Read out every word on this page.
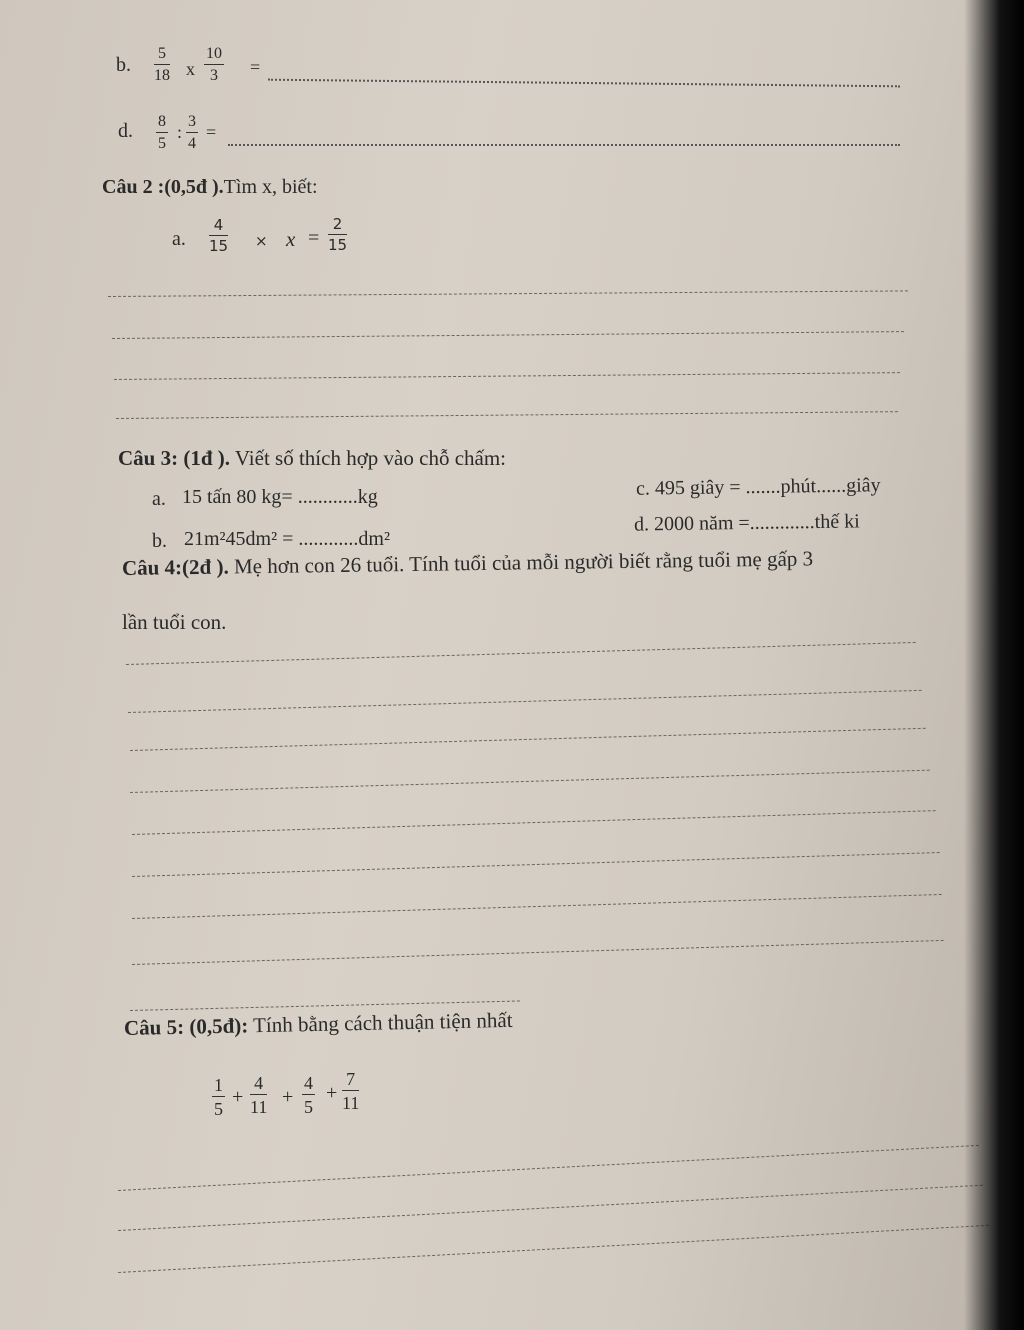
b. $\frac{5}{18}$ x $\frac{10}{3}$ =
d. $\frac{8}{5}$ : $\frac{3}{4}$ =
Câu 2 :(0,5đ ).Tìm x, biết:
a. $\frac{4}{15} \times x = \frac{2}{15}$
Câu 3: (1đ ). Viết số thích hợp vào chỗ chấm:
a. 15 tấn 80 kg= ............kg	c. 495 giây = .......phút......giây
b. 21m²45dm² = ............dm²
d. 2000 năm =.............thế ki
Câu 4:(2đ ). Mẹ hơn con 26 tuổi. Tính tuổi của mỗi người biết rằng tuổi mẹ gấp 3
lần tuổi con.
Câu 5: (0,5đ): Tính bằng cách thuận tiện nhất
$\frac{1}{5} + \frac{4}{11} + \frac{4}{5} + \frac{7}{11}$
